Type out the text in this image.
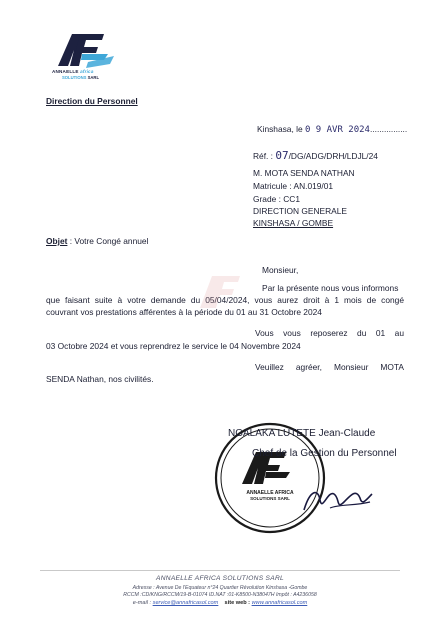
ANNAELLE africa
SOLUTIONS SARL
Direction du Personnel
Kinshasa, le 0 9 AVR 2024................
Réf. : 07/DG/ADG/DRH/LDJL/24
M. MOTA SENDA NATHAN
Matricule : AN.019/01
Grade : CC1
DIRECTION GENERALE
KINSHASA / GOMBE
Objet : Votre Congé annuel
Monsieur,
Par la présente nous vous informons
que faisant suite à votre demande du 05/04/2024, vous aurez droit à 1 mois de congé
couvrant vos prestations afférentes à la période du 01 au 31 Octobre 2024
Vous vous reposerez du 01 au
03 Octobre 2024 et vous reprendrez le service le 04 Novembre 2024
Veuillez agréer, Monsieur MOTA
SENDA Nathan, nos civilités.
ANNAELLE AFRICA
SOLUTIONS SARL
NGALAKA LUTETE Jean-Claude
Chef de la Gestion du Personnel
ANNAELLE AFRICA SOLUTIONS SARL
Adresse : Avenue De l'Equateur n°24 Quartier Révolution Kinshasa -Gombe
RCCM :CD/KNG/RCCM/19-B-01074 ID.NAT :01-K8500-N38047H Impôt : A4236058
e-mail : service@annafricasol.com site web : www.annafricasol.com
